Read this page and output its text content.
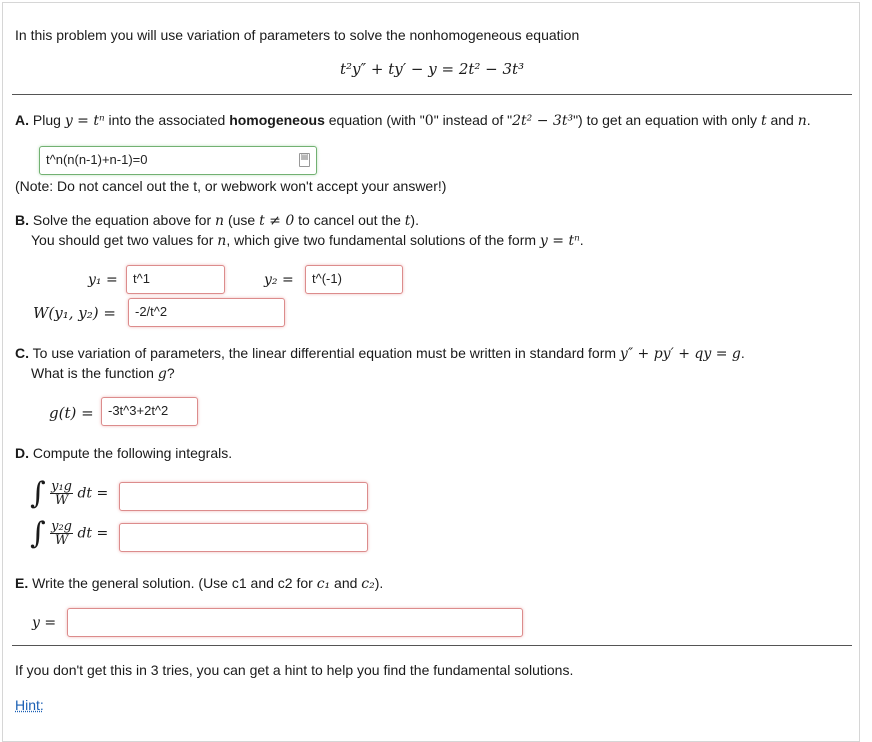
In this problem you will use variation of parameters to solve the nonhomogeneous equation
t²y″ + ty′ − y = 2t² − 3t³
A. Plug y = tⁿ into the associated homogeneous equation (with "0" instead of "2t² − 3t³") to get an equation with only t and n.
t^n(n(n-1)+n-1)=0	▤
(Note: Do not cancel out the t, or webwork won't accept your answer!)
B. Solve the equation above for n (use t ≠ 0 to cancel out the t).
You should get two values for n, which give two fundamental solutions of the form y = tⁿ.
y₁ =	t^1	y₂ =	t^(-1)
W(y₁, y₂) =	-2/t^2
C. To use variation of parameters, the linear differential equation must be written in standard form y″ + py′ + qy = g.
What is the function g?
g(t) =	-3t^3+2t^2
D. Compute the following integrals.
∫ $\frac{\text{y₁g}}{W}$ dt =
∫ $\frac{\text{y₂g}}{W}$ dt =
E. Write the general solution. (Use c1 and c2 for c₁ and c₂).
y =
If you don't get this in 3 tries, you can get a hint to help you find the fundamental solutions.
Hint:
